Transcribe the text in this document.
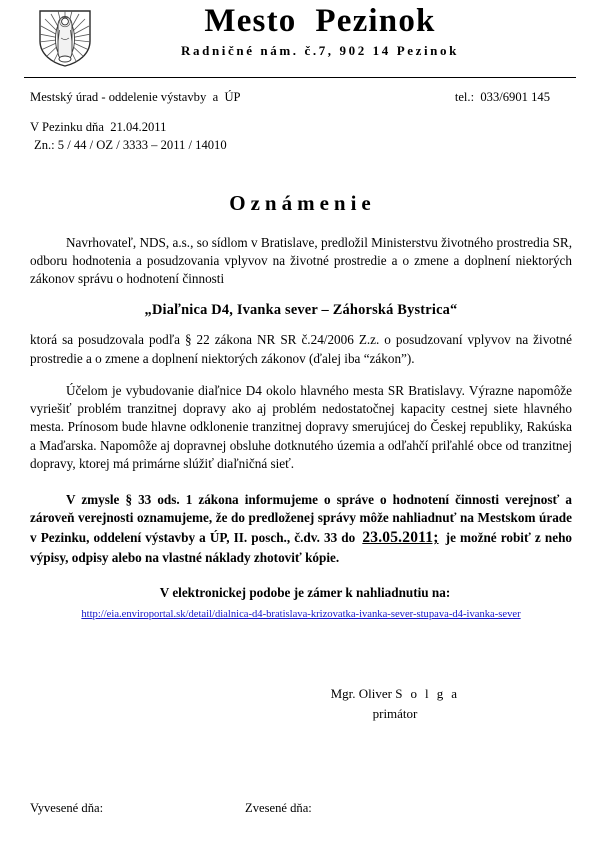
Mesto  Pezinok
Radničné nám. č.7, 902 14 Pezinok
Mestský úrad - oddelenie výstavby  a  ÚP	tel.:  033/6901 145
V Pezinku dňa  21.04.2011
Zn.: 5 / 44 / OZ / 3333 – 2011 / 14010
Oznámenie

Navrhovateľ, NDS, a.s., so sídlom v Bratislave, predložil Ministerstvu životného prostredia SR, odboru hodnotenia a posudzovania vplyvov na životné prostredie a o zmene a doplnení niektorých zákonov správu o hodnotení činnosti

„Diaľnica D4, Ivanka sever – Záhorská Bystrica“

ktorá sa posudzovala podľa § 22 zákona NR SR č.24/2006 Z.z. o posudzovaní vplyvov na životné prostredie a o zmene a doplnení niektorých zákonov (ďalej iba “zákon”).

Účelom je vybudovanie diaľnice D4 okolo hlavného mesta SR Bratislavy. Výrazne napomôže vyriešiť problém tranzitnej dopravy ako aj problém nedostatočnej kapacity cestnej siete hlavného mesta. Prínosom bude hlavne odklonenie tranzitnej dopravy smerujúcej do Českej republiky, Rakúska a Maďarska. Napomôže aj dopravnej obsluhe dotknutého územia a odľahčí priľahlé obce od tranzitnej dopravy, ktorej má primárne slúžiť diaľničná sieť.

V zmysle § 33 ods. 1 zákona informujeme o správe o hodnotení činnosti verejnosť a zároveň verejnosti oznamujeme, že do predloženej správy môže nahliadnuť na Mestskom úrade v Pezinku, oddelení výstavby a ÚP, II. posch., č.dv. 33 do 23.05.2011; je možné robiť z neho výpisy, odpisy alebo na vlastné náklady zhotoviť kópie.

V elektronickej podobe je zámer k nahliadnutiu na:

http://eia.enviroportal.sk/detail/dialnica-d4-bratislava-krizovatka-ivanka-sever-stupava-d4-ivanka-sever
Mgr. Oliver S o l g a
primátor
Vyvesené dňa:	Zvesené dňa:
